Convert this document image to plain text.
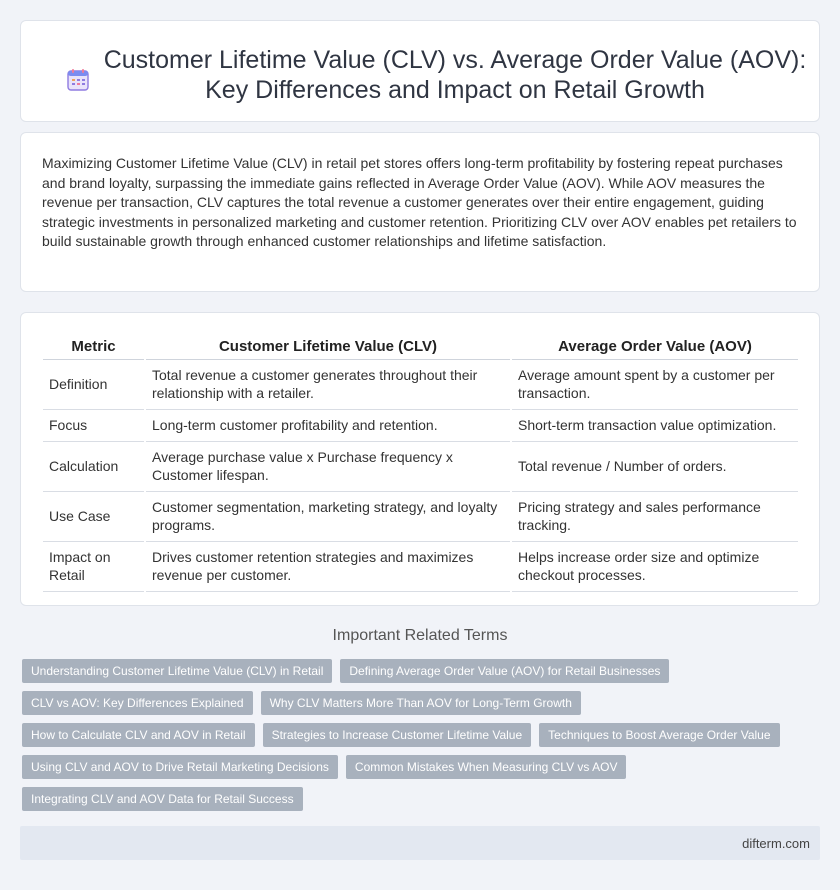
Customer Lifetime Value (CLV) vs. Average Order Value (AOV): Key Differences and Impact on Retail Growth

Maximizing Customer Lifetime Value (CLV) in retail pet stores offers long-term profitability by fostering repeat purchases and brand loyalty, surpassing the immediate gains reflected in Average Order Value (AOV). While AOV measures the revenue per transaction, CLV captures the total revenue a customer generates over their entire engagement, guiding strategic investments in personalized marketing and customer retention. Prioritizing CLV over AOV enables pet retailers to build sustainable growth through enhanced customer relationships and lifetime satisfaction.

Metric	Customer Lifetime Value (CLV)	Average Order Value (AOV)
Definition	Total revenue a customer generates throughout their relationship with a retailer.	Average amount spent by a customer per transaction.
Focus	Long-term customer profitability and retention.	Short-term transaction value optimization.
Calculation	Average purchase value x Purchase frequency x Customer lifespan.	Total revenue / Number of orders.
Use Case	Customer segmentation, marketing strategy, and loyalty programs.	Pricing strategy and sales performance tracking.
Impact on Retail	Drives customer retention strategies and maximizes revenue per customer.	Helps increase order size and optimize checkout processes.
Important Related Terms
Understanding Customer Lifetime Value (CLV) in Retail	Defining Average Order Value (AOV) for Retail Businesses
CLV vs AOV: Key Differences Explained	Why CLV Matters More Than AOV for Long-Term Growth
How to Calculate CLV and AOV in Retail	Strategies to Increase Customer Lifetime Value	Techniques to Boost Average Order Value
Using CLV and AOV to Drive Retail Marketing Decisions	Common Mistakes When Measuring CLV vs AOV
Integrating CLV and AOV Data for Retail Success
difterm.com
